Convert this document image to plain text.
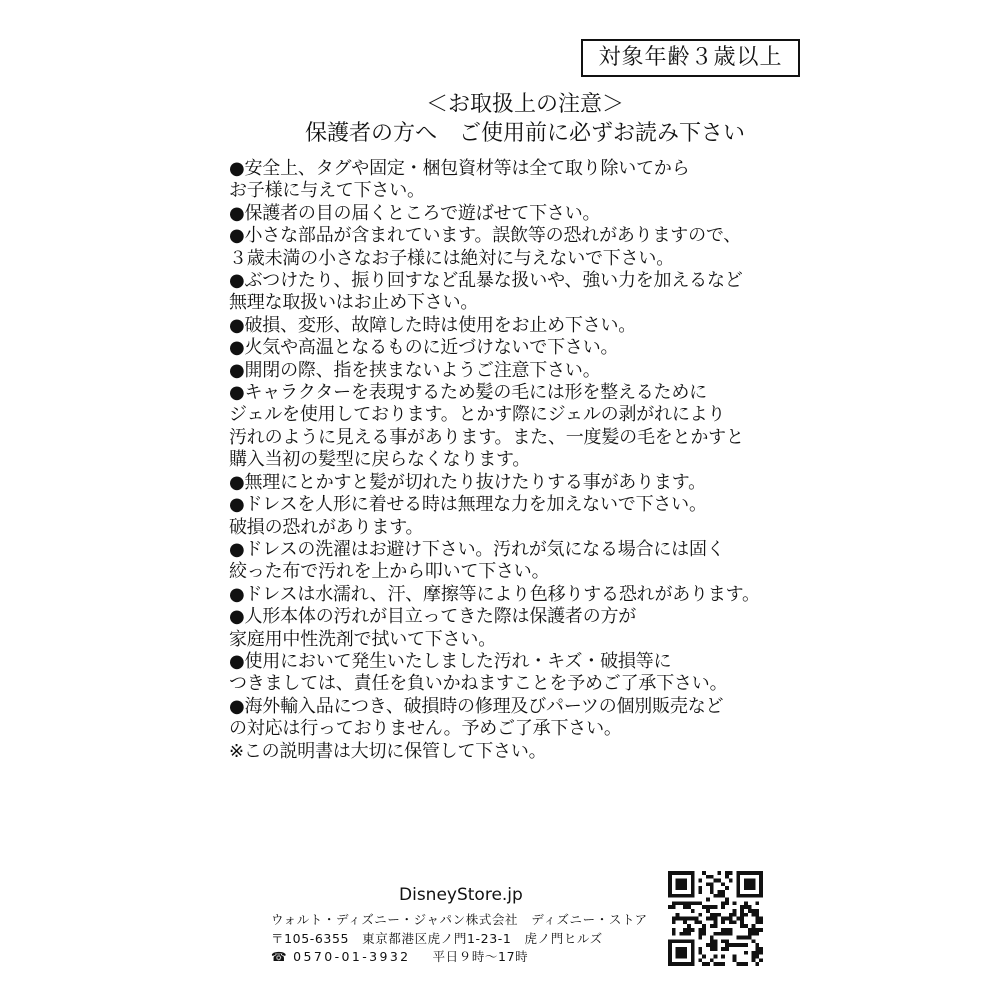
対象年齢３歳以上
＜お取扱上の注意＞
保護者の方へ　ご使用前に必ずお読み下さい
●安全上、タグや固定・梱包資材等は全て取り除いてから
お子様に与えて下さい。
●保護者の目の届くところで遊ばせて下さい。
●小さな部品が含まれています。誤飲等の恐れがありますので、
３歳未満の小さなお子様には絶対に与えないで下さい。
●ぶつけたり、振り回すなど乱暴な扱いや、強い力を加えるなど
無理な取扱いはお止め下さい。
●破損、変形、故障した時は使用をお止め下さい。
●火気や高温となるものに近づけないで下さい。
●開閉の際、指を挟まないようご注意下さい。
●キャラクターを表現するため髪の毛には形を整えるために
ジェルを使用しております。とかす際にジェルの剥がれにより
汚れのように見える事があります。また、一度髪の毛をとかすと
購入当初の髪型に戻らなくなります。
●無理にとかすと髪が切れたり抜けたりする事があります。
●ドレスを人形に着せる時は無理な力を加えないで下さい。
破損の恐れがあります。
●ドレスの洗濯はお避け下さい。汚れが気になる場合には固く
絞った布で汚れを上から叩いて下さい。
●ドレスは水濡れ、汗、摩擦等により色移りする恐れがあります。
●人形本体の汚れが目立ってきた際は保護者の方が
家庭用中性洗剤で拭いて下さい。
●使用において発生いたしました汚れ・キズ・破損等に
つきましては、責任を負いかねますことを予めご了承下さい。
●海外輸入品につき、破損時の修理及びパーツの個別販売など
の対応は行っておりません。予めご了承下さい。
※この説明書は大切に保管して下さい。
DisneyStore.jp
ウォルト・ディズニー・ジャパン株式会社　ディズニー・ストア
〒105-6355　東京都港区虎ノ門1-23-1　虎ノ門ヒルズ
☎ 0570-01-3932 平日９時～17時
